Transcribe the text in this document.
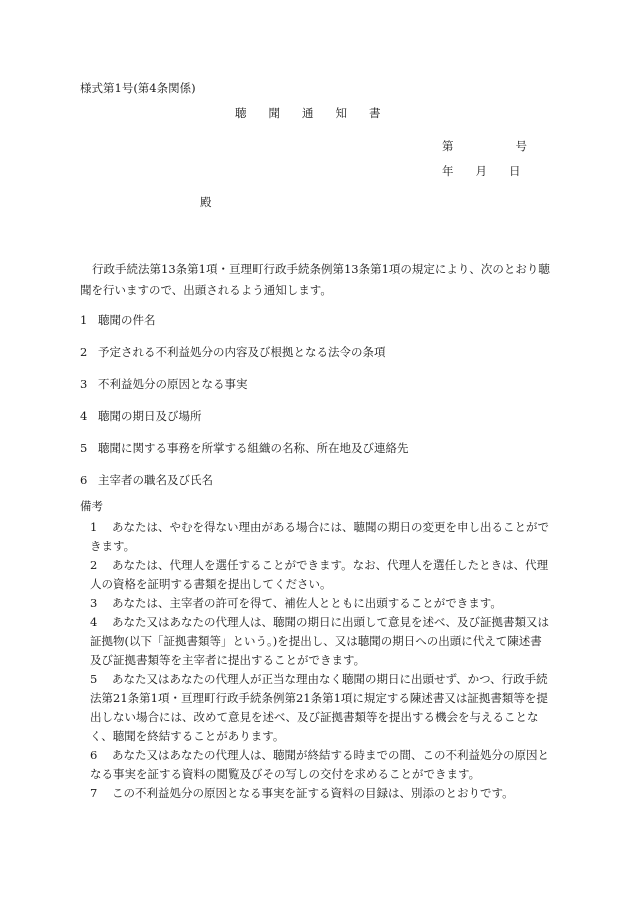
様式第1号(第4条関係)
聴 聞 通 知 書
第	号
年 月 日
殿
行政手続法第13条第1項・亘理町行政手続条例第13条第1項の規定により、次のとおり聴聞を行いますので、出頭されるよう通知します。
1 聴聞の件名
2 予定される不利益処分の内容及び根拠となる法令の条項
3 不利益処分の原因となる事実
4 聴聞の期日及び場所
5 聴聞に関する事務を所掌する組織の名称、所在地及び連絡先
6 主宰者の職名及び氏名
備考
1 あなたは、やむを得ない理由がある場合には、聴聞の期日の変更を申し出ることができます。
2 あなたは、代理人を選任することができます。なお、代理人を選任したときは、代理人の資格を証明する書類を提出してください。
3 あなたは、主宰者の許可を得て、補佐人とともに出頭することができます。
4 あなた又はあなたの代理人は、聴聞の期日に出頭して意見を述べ、及び証拠書類又は証拠物(以下「証拠書類等」という。)を提出し、又は聴聞の期日への出頭に代えて陳述書及び証拠書類等を主宰者に提出することができます。
5 あなた又はあなたの代理人が正当な理由なく聴聞の期日に出頭せず、かつ、行政手続法第21条第1項・亘理町行政手続条例第21条第1項に規定する陳述書又は証拠書類等を提出しない場合には、改めて意見を述べ、及び証拠書類等を提出する機会を与えることなく、聴聞を終結することがあります。
6 あなた又はあなたの代理人は、聴聞が終結する時までの間、この不利益処分の原因となる事実を証する資料の閲覧及びその写しの交付を求めることができます。
7 この不利益処分の原因となる事実を証する資料の目録は、別添のとおりです。
